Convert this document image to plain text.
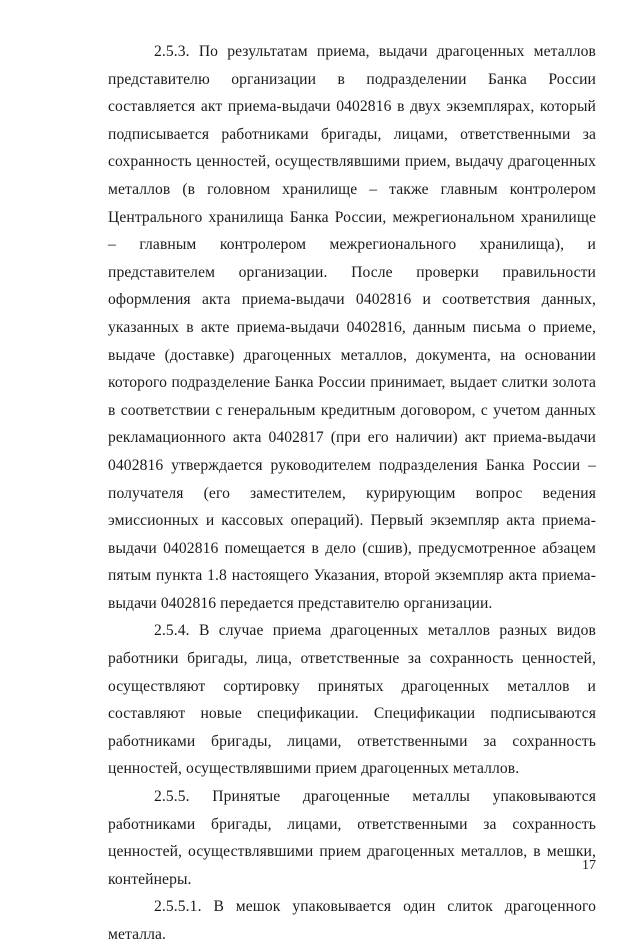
2.5.3. По результатам приема, выдачи драгоценных металлов представителю организации в подразделении Банка России составляется акт приема-выдачи 0402816 в двух экземплярах, который подписывается работниками бригады, лицами, ответственными за сохранность ценностей, осуществлявшими прием, выдачу драгоценных металлов (в головном хранилище – также главным контролером Центрального хранилища Банка России, межрегиональном хранилище – главным контролером межрегионального хранилища), и представителем организации. После проверки правильности оформления акта приема-выдачи 0402816 и соответствия данных, указанных в акте приема-выдачи 0402816, данным письма о приеме, выдаче (доставке) драгоценных металлов, документа, на основании которого подразделение Банка России принимает, выдает слитки золота в соответствии с генеральным кредитным договором, с учетом данных рекламационного акта 0402817 (при его наличии) акт приема-выдачи 0402816 утверждается руководителем подразделения Банка России – получателя (его заместителем, курирующим вопрос ведения эмиссионных и кассовых операций). Первый экземпляр акта приема-выдачи 0402816 помещается в дело (сшив), предусмотренное абзацем пятым пункта 1.8 настоящего Указания, второй экземпляр акта приема-выдачи 0402816 передается представителю организации.

2.5.4. В случае приема драгоценных металлов разных видов работники бригады, лица, ответственные за сохранность ценностей, осуществляют сортировку принятых драгоценных металлов и составляют новые спецификации. Спецификации подписываются работниками бригады, лицами, ответственными за сохранность ценностей, осуществлявшими прием драгоценных металлов.

2.5.5. Принятые драгоценные металлы упаковываются работниками бригады, лицами, ответственными за сохранность ценностей, осуществлявшими прием драгоценных металлов, в мешки, контейнеры.

2.5.5.1. В мешок упаковывается один слиток драгоценного металла.

17
